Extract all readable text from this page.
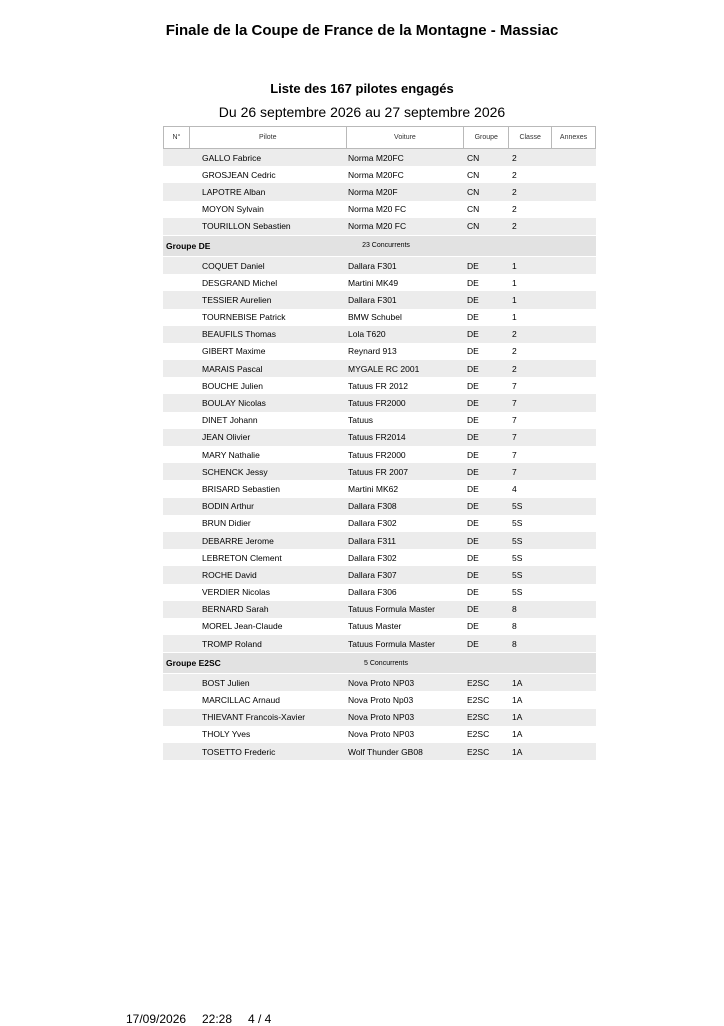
Finale de la Coupe de France de la Montagne - Massiac
Liste des 167 pilotes engagés
Du 26 septembre 2026 au 27 septembre 2026
N°	Pilote	Voiture	Groupe	Classe	Annexes
GALLO Fabrice	Norma M20FC	CN	2
GROSJEAN Cedric	Norma M20FC	CN	2
LAPOTRE Alban	Norma M20F	CN	2
MOYON Sylvain	Norma M20 FC	CN	2
TOURILLON Sebastien	Norma M20 FC	CN	2
Groupe DE	23 Concurrents
COQUET Daniel	Dallara F301	DE	1
DESGRAND Michel	Martini MK49	DE	1
TESSIER Aurelien	Dallara F301	DE	1
TOURNEBISE Patrick	BMW Schubel	DE	1
BEAUFILS Thomas	Lola T620	DE	2
GIBERT Maxime	Reynard 913	DE	2
MARAIS Pascal	MYGALE RC 2001	DE	2
BOUCHE Julien	Tatuus FR 2012	DE	7
BOULAY Nicolas	Tatuus FR2000	DE	7
DINET Johann	Tatuus	DE	7
JEAN Olivier	Tatuus FR2014	DE	7
MARY Nathalie	Tatuus FR2000	DE	7
SCHENCK Jessy	Tatuus FR 2007	DE	7
BRISARD Sebastien	Martini MK62	DE	4
BODIN Arthur	Dallara F308	DE	5S
BRUN Didier	Dallara F302	DE	5S
DEBARRE Jerome	Dallara F311	DE	5S
LEBRETON Clement	Dallara F302	DE	5S
ROCHE David	Dallara F307	DE	5S
VERDIER Nicolas	Dallara F306	DE	5S
BERNARD Sarah	Tatuus Formula Master	DE	8
MOREL Jean-Claude	Tatuus Master	DE	8
TROMP Roland	Tatuus Formula Master	DE	8
Groupe E2SC	5 Concurrents
BOST Julien	Nova Proto NP03	E2SC	1A
MARCILLAC Arnaud	Nova Proto Np03	E2SC	1A
THIEVANT Francois-Xavier	Nova Proto NP03	E2SC	1A
THOLY Yves	Nova Proto NP03	E2SC	1A
TOSETTO Frederic	Wolf Thunder GB08	E2SC	1A
17/09/2026 22:28 4 / 4
